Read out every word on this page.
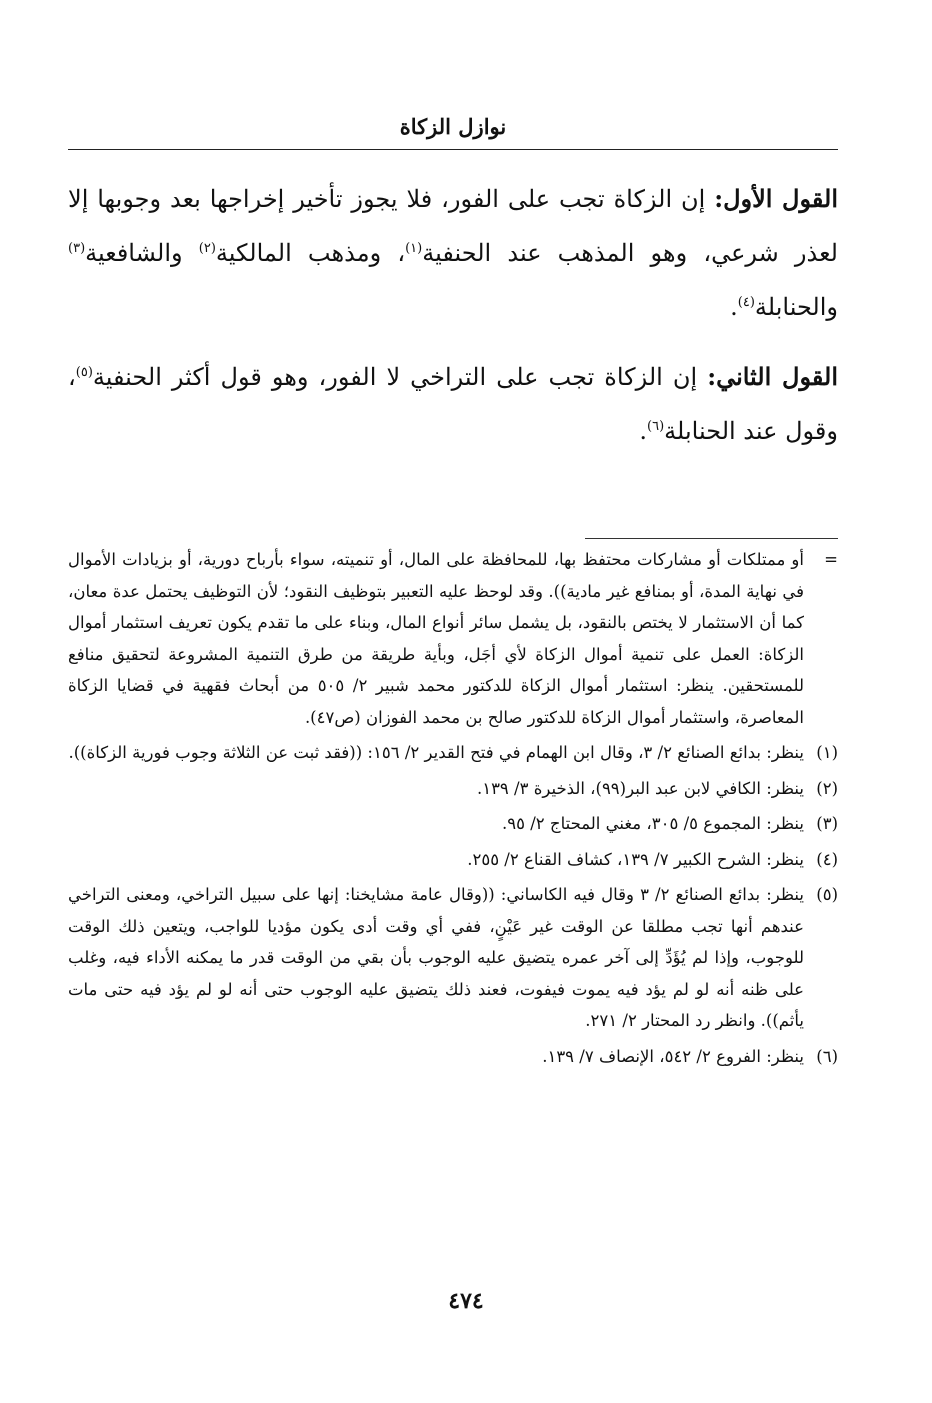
نوازل الزكاة

القول الأول: إن الزكاة تجب على الفور، فلا يجوز تأخير إخراجها بعد وجوبها إلا لعذر شرعي، وهو المذهب عند الحنفية$^{(١)}$، ومذهب المالكية$^{(٢)}$ والشافعية$^{(٣)}$ والحنابلة$^{(٤)}$.

القول الثاني: إن الزكاة تجب على التراخي لا الفور، وهو قول أكثر الحنفية$^{(٥)}$، وقول عند الحنابلة$^{(٦)}$.

=
أو ممتلكات أو مشاركات محتفظ بها، للمحافظة على المال، أو تنميته، سواء بأرباح دورية، أو بزيادات الأموال في نهاية المدة، أو بمنافع غير مادية)). وقد لوحظ عليه التعبير بتوظيف النقود؛ لأن التوظيف يحتمل عدة معان، كما أن الاستثمار لا يختص بالنقود، بل يشمل سائر أنواع المال، وبناء على ما تقدم يكون تعريف استثمار أموال الزكاة: العمل على تنمية أموال الزكاة لأي أجَل، وبأية طريقة من طرق التنمية المشروعة لتحقيق منافع للمستحقين. ينظر: استثمار أموال الزكاة للدكتور محمد شبير ٢/ ٥٠٥ من أبحاث فقهية في قضايا الزكاة المعاصرة، واستثمار أموال الزكاة للدكتور صالح بن محمد الفوزان (ص٤٧).
(١)
ينظر: بدائع الصنائع ٢/ ٣، وقال ابن الهمام في فتح القدير ٢/ ١٥٦: ((فقد ثبت عن الثلاثة وجوب فورية الزكاة)).
(٢)
ينظر: الكافي لابن عبد البر(٩٩)، الذخيرة ٣/ ١٣٩.
(٣)
ينظر: المجموع ٥/ ٣٠٥، مغني المحتاج ٢/ ٩٥.
(٤)
ينظر: الشرح الكبير ٧/ ١٣٩، كشاف القناع ٢/ ٢٥٥.
(٥)
ينظر: بدائع الصنائع ٢/ ٣ وقال فيه الكاساني: ((وقال عامة مشايخنا: إنها على سبيل التراخي، ومعنى التراخي عندهم أنها تجب مطلقا عن الوقت غير عَيْنٍ، ففي أي وقت أدى يكون مؤديا للواجب، ويتعين ذلك الوقت للوجوب، وإذا لم يُؤَدِّ إلى آخر عمره يتضيق عليه الوجوب بأن بقي من الوقت قدر ما يمكنه الأداء فيه، وغلب على ظنه أنه لو لم يؤد فيه يموت فيفوت، فعند ذلك يتضيق عليه الوجوب حتى أنه لو لم يؤد فيه حتى مات يأثم)). وانظر رد المحتار ٢/ ٢٧١.
(٦)
ينظر: الفروع ٢/ ٥٤٢، الإنصاف ٧/ ١٣٩.
٤٧٤
